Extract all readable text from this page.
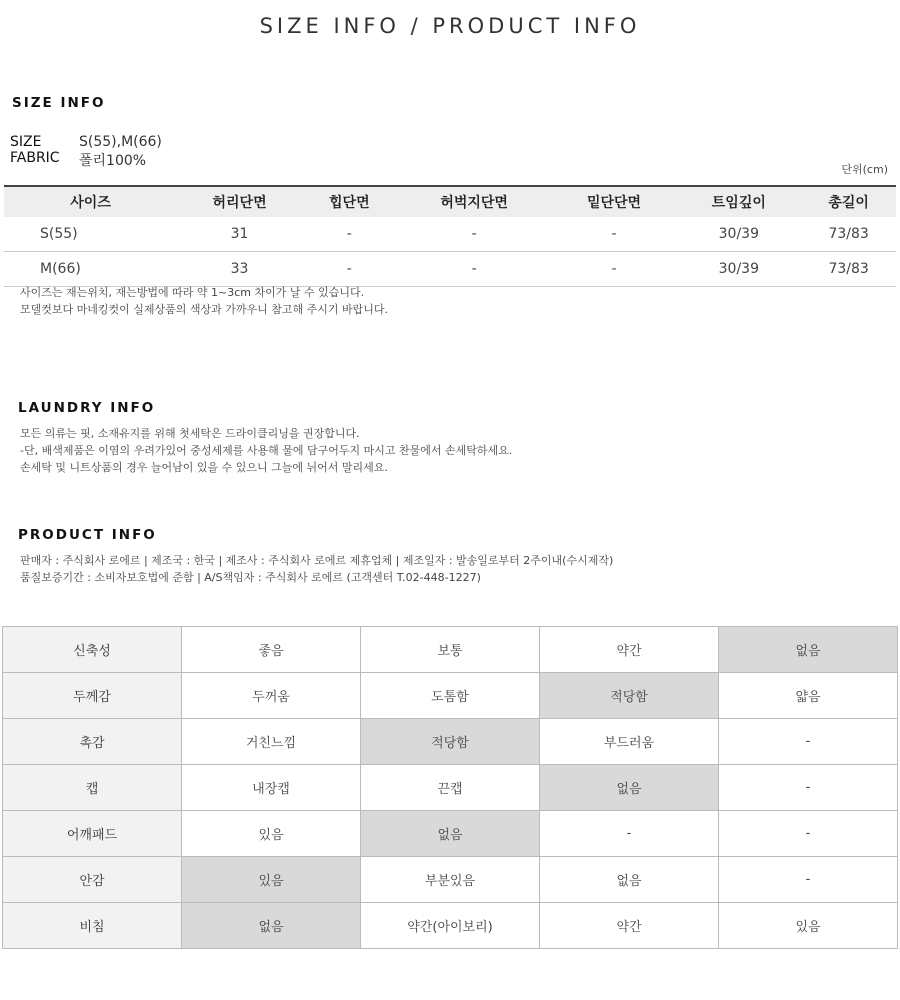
SIZE INFO / PRODUCT INFO
SIZE INFO
SIZE	S(55),M(66)
FABRIC	폴리100%
단위(cm)
사이즈	허리단면	힙단면	허벅지단면	밑단단면	트임깊이	총길이
S(55)	31	-	-	-	30/39	73/83
M(66)	33	-	-	-	30/39	73/83
사이즈는 재는위치, 재는방법에 따라 약 1~3cm 차이가 날 수 있습니다.
모델컷보다 마네킹컷이 실제상품의 색상과 가까우니 참고해 주시기 바랍니다.
LAUNDRY INFO
모든 의류는 핏, 소재유지를 위해 첫세탁은 드라이클리닝을 권장합니다.
-단, 배색제품은 이염의 우려가있어 중성세제를 사용해 물에 담구어두지 마시고 찬물에서 손세탁하세요.
손세탁 및 니트상품의 경우 늘어남이 있을 수 있으니 그늘에 뉘어서 말리세요.
PRODUCT INFO
판매자 : 주식회사 로에르 | 제조국 : 한국 | 제조사 : 주식회사 로에르 제휴업체 | 제조일자 : 발송일로부터 2주이내(수시제작)
품질보증기간 : 소비자보호법에 준함 | A/S책임자 : 주식회사 로에르 (고객센터 T.02-448-1227)
신축성	좋음	보통	약간	없음
두께감	두꺼움	도톰함	적당함	얇음
촉감	거친느낌	적당함	부드러움	-
캡	내장캡	끈캡	없음	-
어깨패드	있음	없음	-	-
안감	있음	부분있음	없음	-
비침	없음	약간(아이보리)	약간	있음
